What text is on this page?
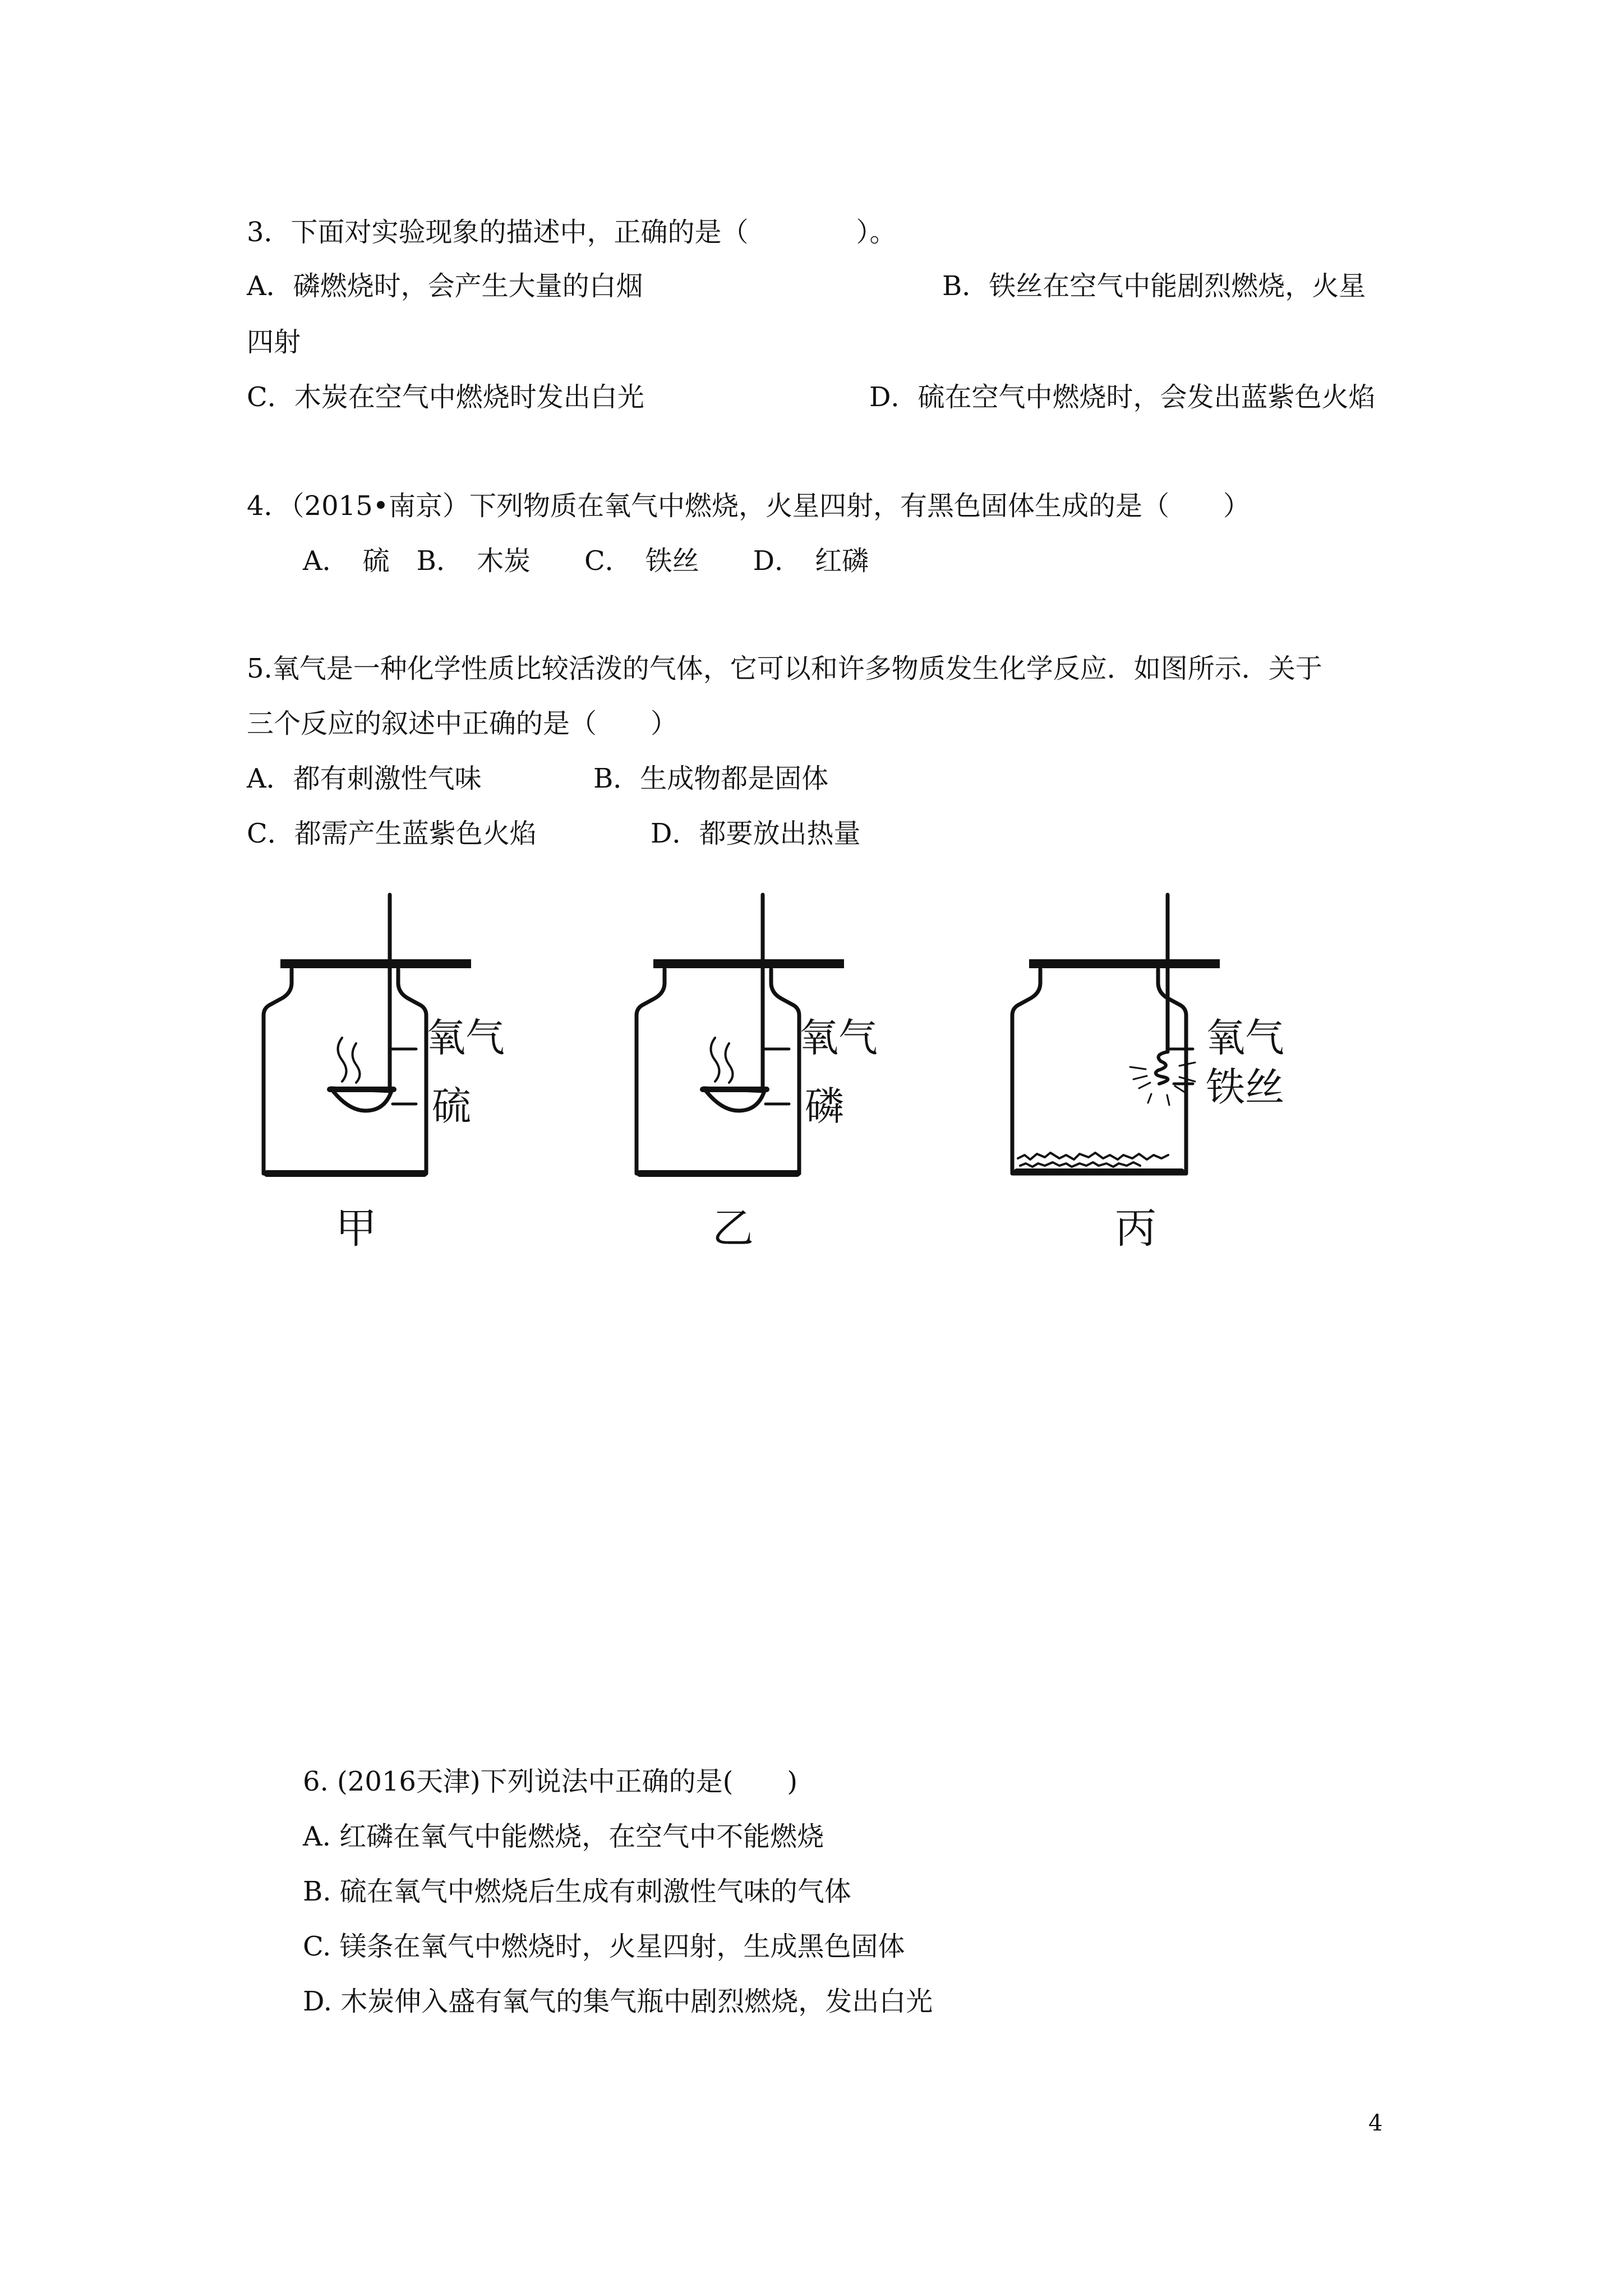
3．下面对实验现象的描述中，正确的是（　　　　）。
A．磷燃烧时，会产生大量的白烟	B．铁丝在空气中能剧烈燃烧，火星
四射
C．木炭在空气中燃烧时发出白光	D．硫在空气中燃烧时，会发出蓝紫色火焰
4．（2015•南京）下列物质在氧气中燃烧，火星四射，有黑色固体生成的是（　　）
A．　硫　B．　木炭　　C．　铁丝　　D．　红磷
5.氧气是一种化学性质比较活泼的气体，它可以和许多物质发生化学反应．如图所示．关于
三个反应的叙述中正确的是（　　）
A．都有刺激性气味	B．生成物都是固体
C．都需产生蓝紫色火焰	D．都要放出热量
氧气
硫
甲
氧气
磷
乙
氧气
铁丝
丙
6. (2016天津)下列说法中正确的是(　　)
A. 红磷在氧气中能燃烧，在空气中不能燃烧
B. 硫在氧气中燃烧后生成有刺激性气味的气体
C. 镁条在氧气中燃烧时，火星四射，生成黑色固体
D. 木炭伸入盛有氧气的集气瓶中剧烈燃烧，发出白光
4
